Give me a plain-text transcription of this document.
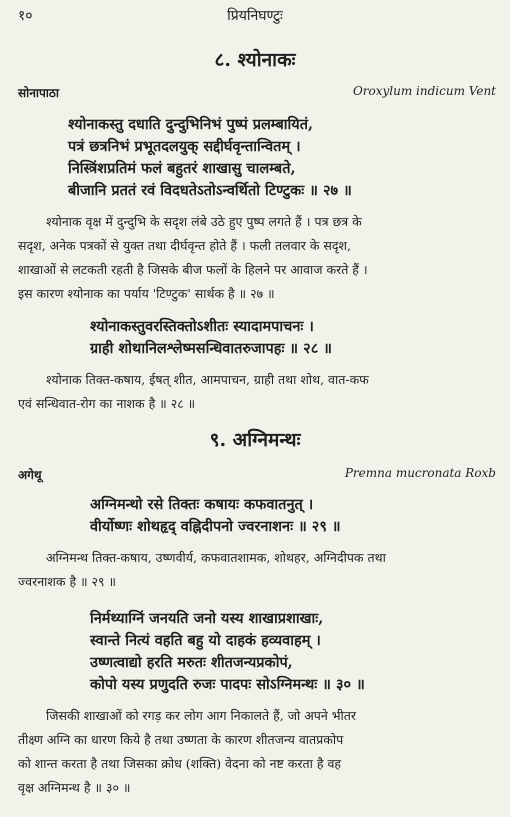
१०	प्रियनिघण्टुः
८. श्योनाकः
सोनापाठा	Oroxylum indicum Vent
श्योनाकस्तु दधाति दुन्दुभिनिभं पुष्पं प्रलम्बायितं,
पत्रं छत्रनिभं प्रभूतदलयुक् सद्दीर्घवृन्तान्वितम् ।
निस्त्रिंशप्रतिमं फलं बहुतरं शाखासु चालम्बते,
बीजानि प्रततं रवं विदधतेऽतोऽन्वर्थितो टिण्टुकः ॥ २७ ॥
श्योनाक वृक्ष में दुन्दुभि के सदृश लंबे उठे हुए पुष्प लगते हैं । पत्र छत्र के
सदृश, अनेक पत्रकों से युक्त तथा दीर्घवृन्त होते हैं । फली तलवार के सदृश,
शाखाओं से लटकती रहती है जिसके बीज फलों के हिलने पर आवाज करते हैं ।
इस कारण श्योनाक का पर्याय 'टिण्टुक' सार्थक है ॥ २७ ॥
श्योनाकस्तुवरस्तिक्तोऽशीतः स्यादामपाचनः ।
ग्राही शोथानिलश्लेष्मसन्धिवातरुजापहः ॥ २८ ॥
श्योनाक तिक्त-कषाय, ईषत् शीत, आमपाचन, ग्राही तथा शोथ, वात-कफ
एवं सन्धिवात-रोग का नाशक है ॥ २८ ॥
९. अग्निमन्थः
अगेथू	Premna mucronata Roxb
अग्निमन्थो रसे तिक्तः कषायः कफवातनुत् ।
वीर्योष्णः शोथहृद् वह्निदीपनो ज्वरनाशनः ॥ २९ ॥
अग्निमन्थ तिक्त-कषाय, उष्णवीर्य, कफवातशामक, शोथहर, अग्निदीपक तथा
ज्वरनाशक है ॥ २९ ॥
निर्मथ्याग्निं जनयति जनो यस्य शाखाप्रशाखाः,
स्वान्ते नित्यं वहति बहु यो दाहकं हव्यवाहम् ।
उष्णत्वाद्यो हरति मरुतः शीतजन्यप्रकोपं,
कोपो यस्य प्रणुदति रुजः पादपः सोऽग्निमन्थः ॥ ३० ॥
जिसकी शाखाओं को रगड़ कर लोग आग निकालते हैं, जो अपने भीतर
तीक्ष्ण अग्नि का धारण किये है तथा उष्णता के कारण शीतजन्य वातप्रकोप
को शान्त करता है तथा जिसका क्रोध (शक्ति) वेदना को नष्ट करता है वह
वृक्ष अग्निमन्थ है ॥ ३० ॥
